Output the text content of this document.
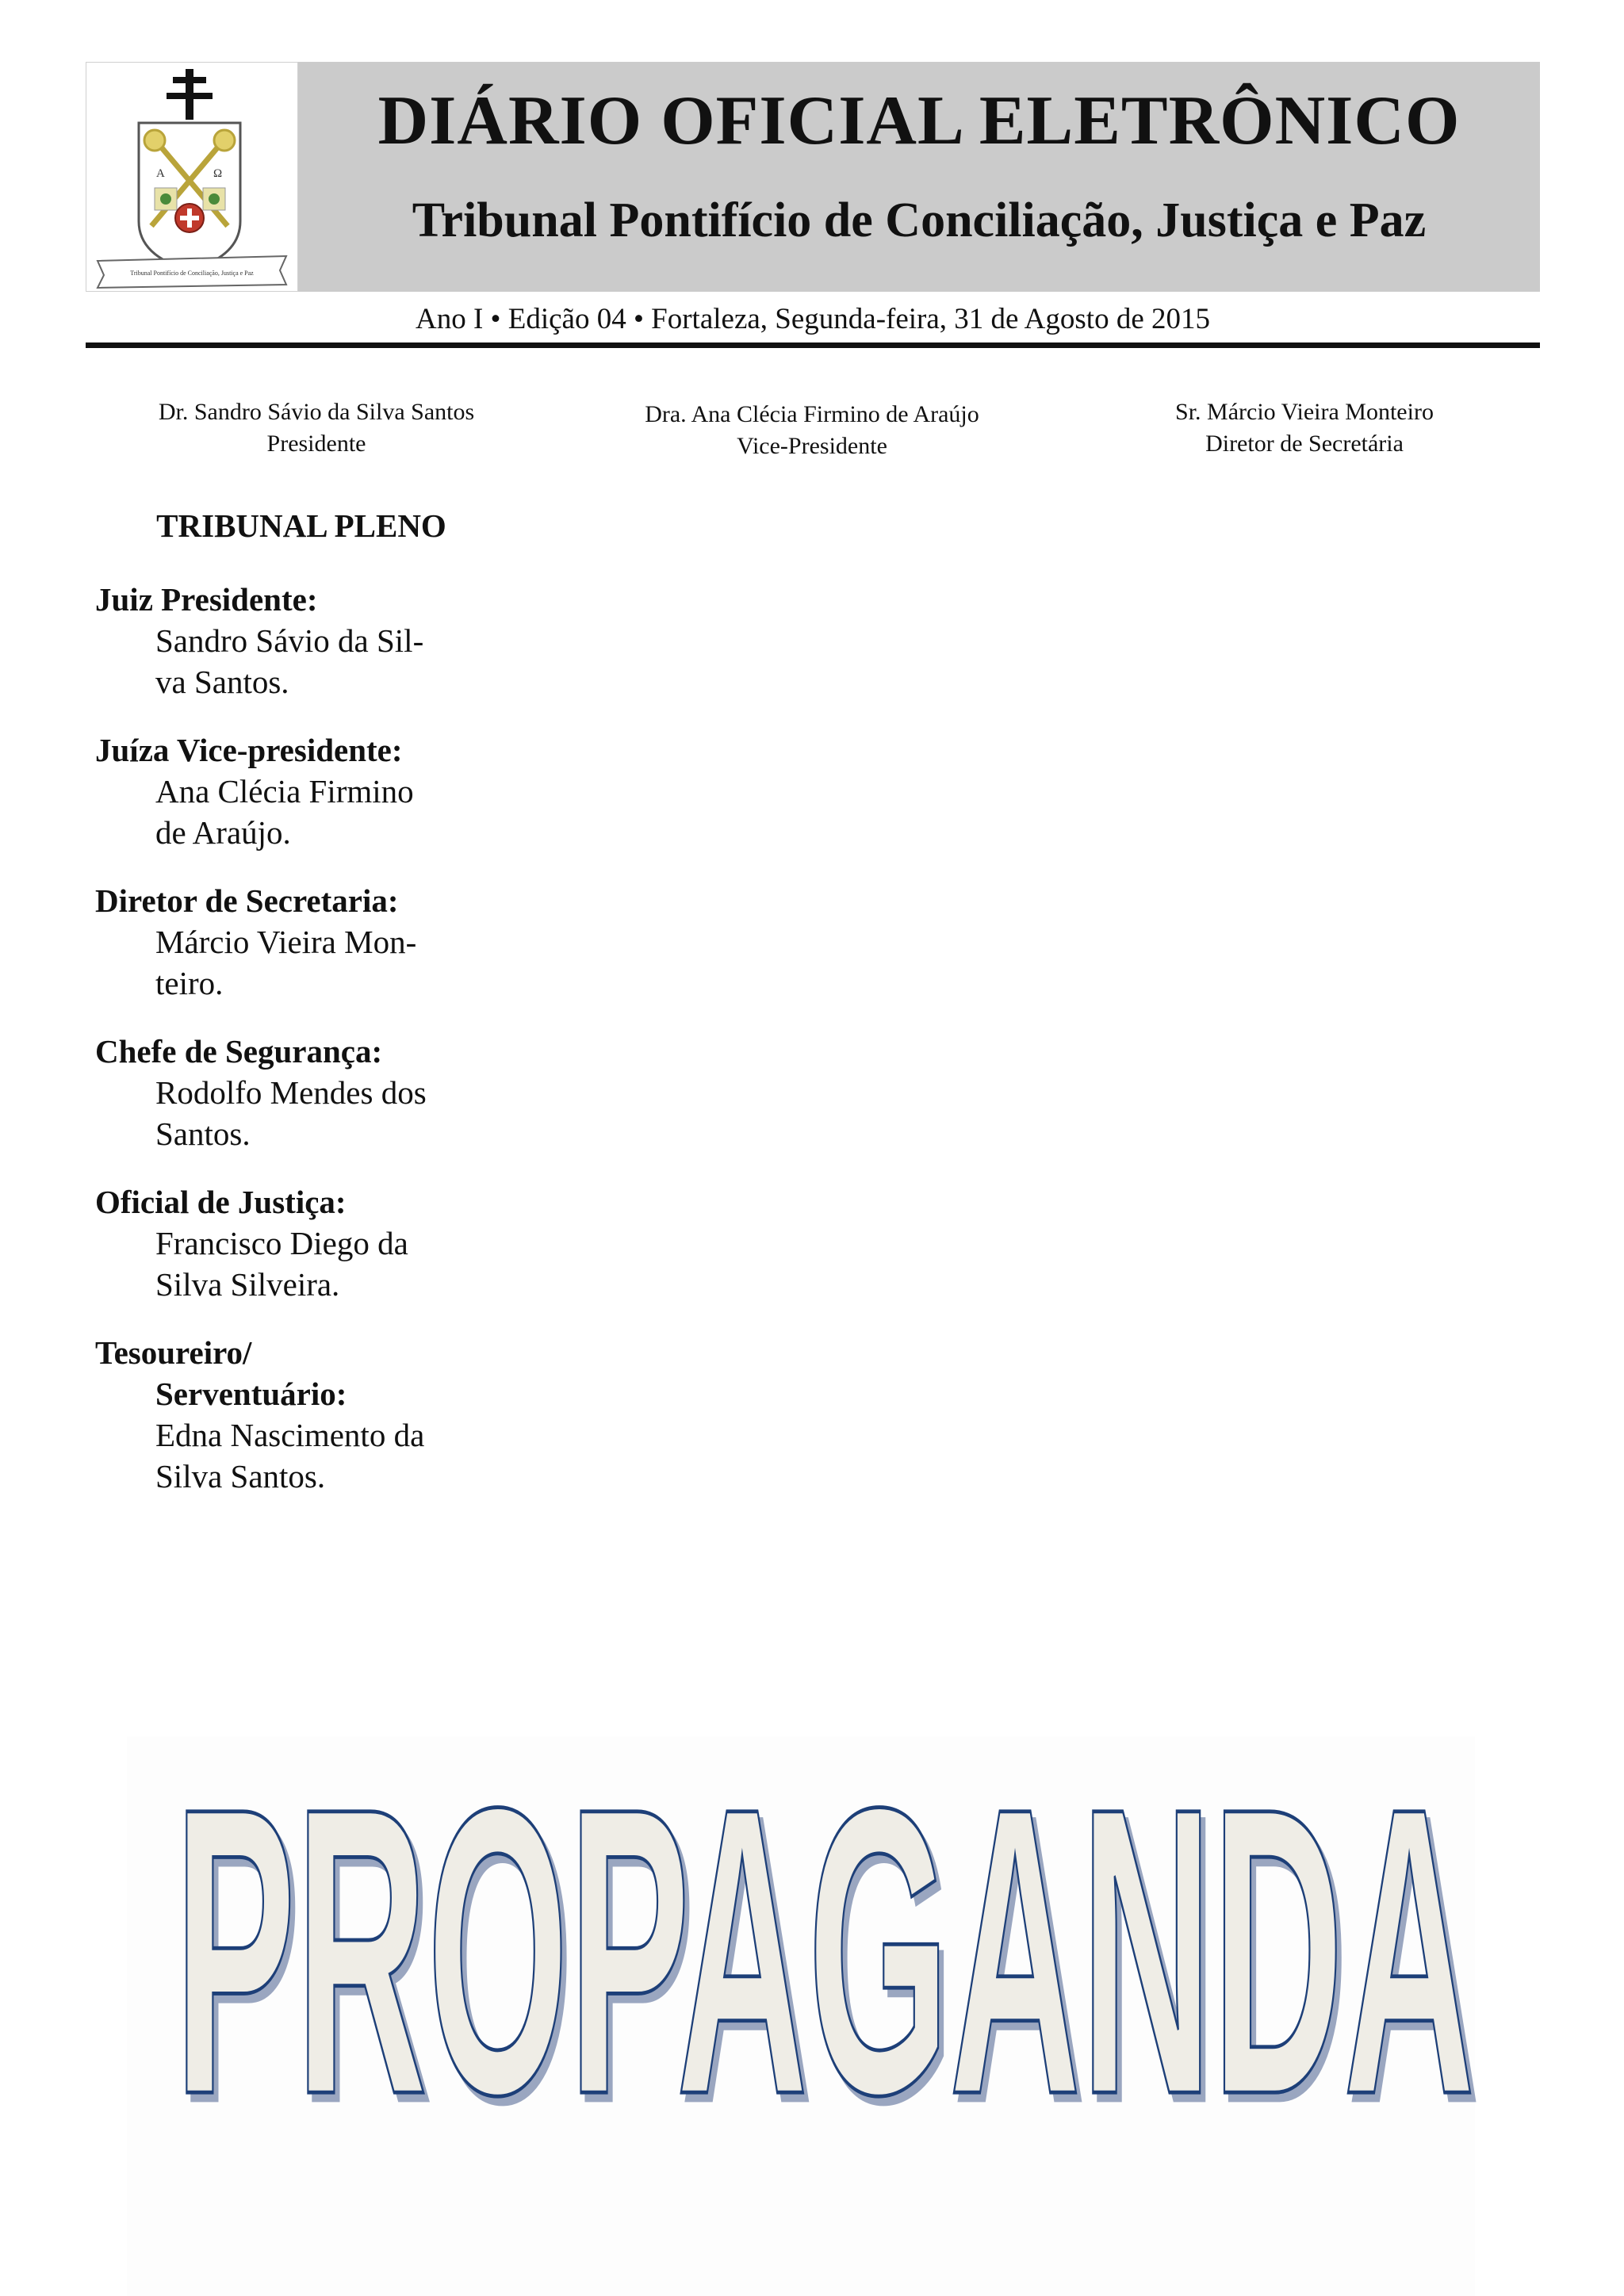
A	Ω
Tribunal Pontifício de Conciliação, Justiça e Paz
DIÁRIO OFICIAL ELETRÔNICO
Tribunal Pontifício de Conciliação, Justiça e Paz
Ano I • Edição 04 • Fortaleza, Segunda-feira, 31 de Agosto de 2015
Dr. Sandro Sávio da Silva Santos
Presidente
Dra. Ana Clécia Firmino de Araújo
Vice-Presidente
Sr. Márcio Vieira Monteiro
Diretor de Secretária
TRIBUNAL PLENO
Juiz Presidente:
Sandro Sávio da Sil-
va Santos.
Juíza Vice-presidente:
Ana Clécia Firmino
de Araújo.
Diretor de Secretaria:
Márcio Vieira Mon-
teiro.
Chefe de Segurança:
Rodolfo Mendes dos
Santos.
Oficial de Justiça:
Francisco Diego da
Silva Silveira.
Tesoureiro/
Serventuário:
Edna Nascimento da
Silva Santos.
PROPAGANDA
PROPAGANDA
